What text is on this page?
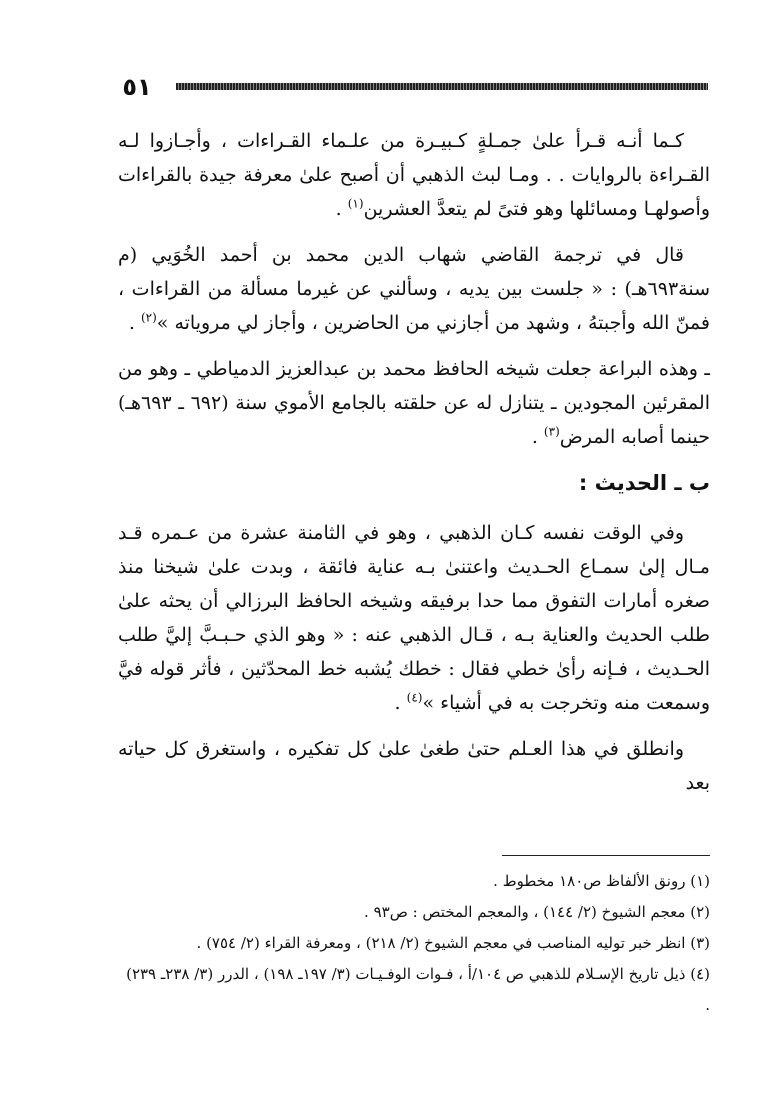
٥١

كـما أنـه قـرأ علىٰ جمـلةٍ كـبيـرة من علـماء القـراءات ، وأجـازوا لـه القـراءة بالروايات . . ومـا لبث الذهبي أن أصبح علىٰ معرفة جيدة بالقراءات وأصولهـا ومسائلها وهو فتىً لم يتعدَّ العشرين$^{(١)}$ .

قال في ترجمة القاضي شهاب الدين محمد بن أحمد الخُوَيي (م سنة٦٩٣هـ) : « جلست بين يديه ، وسألني عن غيرما مسألة من القراءات ، فمنّ الله وأجبتهُ ، وشهد من أجازني من الحاضرين ، وأجاز لي مروياته »$^{(٢)}$ .

ـ وهذه البراعة جعلت شيخه الحافظ محمد بن عبدالعزيز الدمياطي ـ وهو من المقرئين المجودين ـ يتنازل له عن حلقته بالجامع الأموي سنة (٦٩٢ ـ ٦٩٣هـ) حينما أصابه المرض$^{(٣)}$ .

ب ـ الحديث :

وفي الوقت نفسه كـان الذهبي ، وهو في الثامنة عشرة من عـمره قـد مـال إلىٰ سمـاع الحـديث واعتنىٰ بـه عناية فائقة ، وبدت علىٰ شيخنا منذ صغره أمارات التفوق مما حدا برفيقه وشيخه الحافظ البرزالي أن يحثه علىٰ طلب الحديث والعناية بـه ، قـال الذهبي عنه : « وهو الذي حـبـبَّ إليَّ طلب الحـديث ، فـإنه رأىٰ خطي فقال : خطك يُشبه خط المحدّثين ، فأثر قوله فيَّ وسمعت منه وتخرجت به في أشياء »$^{(٤)}$ .

وانطلق في هذا العـلم حتىٰ طغىٰ علىٰ كل تفكيره ، واستغرق كل حياته بعد

(١) رونق الألفاظ ص١٨٠ مخطوط .

(٢) معجم الشيوخ (٢/ ١٤٤) ، والمعجم المختص : ص٩٣ .

(٣) انظر خبر توليه المناصب في معجم الشيوخ (٢/ ٢١٨) ، ومعرفة القراء (٢/ ٧٥٤) .

(٤) ذيل تاريخ الإسـلام للذهبي ص ١٠٤/أ ، فـوات الوفـيـات (٣/ ١٩٧ـ ١٩٨) ، الدرر (٣/ ٢٣٨ـ ٢٣٩) .
